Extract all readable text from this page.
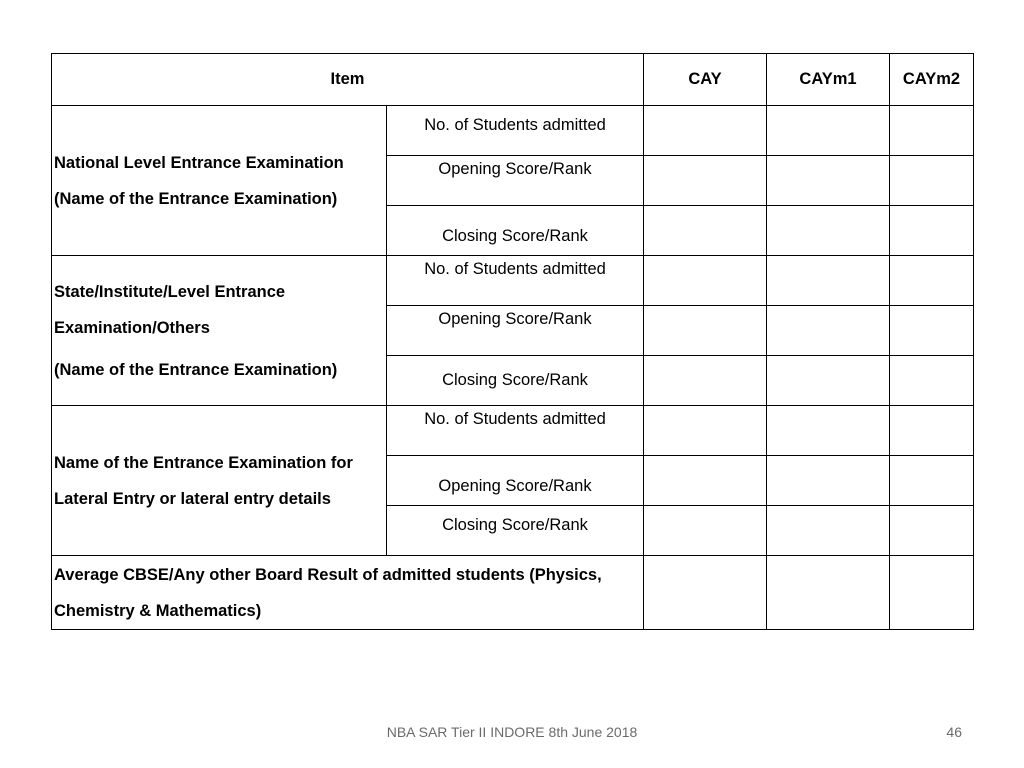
Item		CAY	CAYm1	CAYm2

National Level Entrance Examination
(Name of the Entrance Examination)	No. of Students admitted			
	Opening Score/Rank			
	Closing Score/Rank			

State/Institute/Level Entrance
Examination/Others
(Name of the Entrance Examination)	No. of Students admitted			
	Opening Score/Rank			
	Closing Score/Rank			

Name of the Entrance Examination for
Lateral Entry or lateral entry details	No. of Students admitted			
	Opening Score/Rank			
	Closing Score/Rank			

Average CBSE/Any other Board Result of admitted students (Physics,
Chemistry & Mathematics)				

NBA SAR Tier II INDORE 8th June 2018	46
